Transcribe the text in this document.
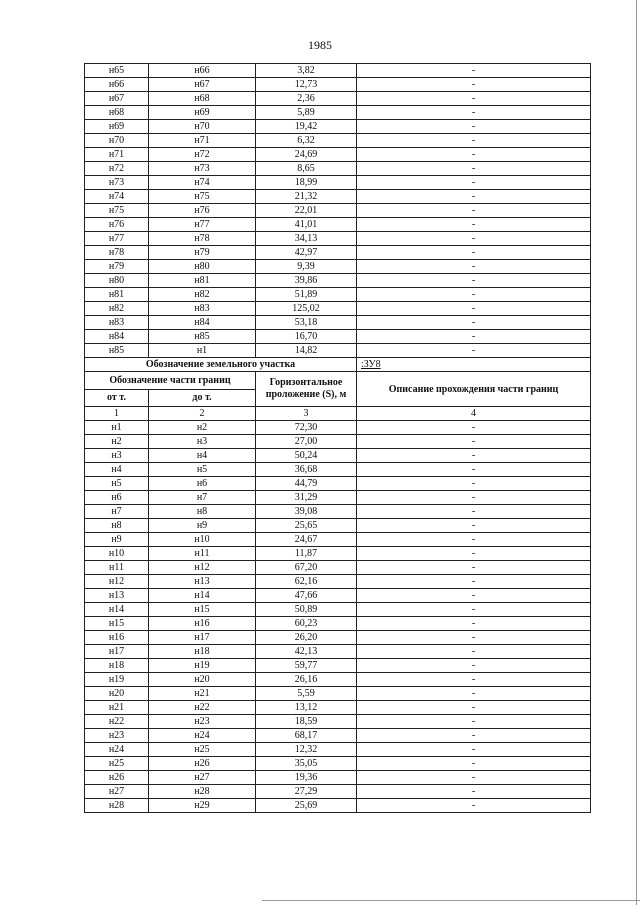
1985
н65	н66	3,82	-
н66	н67	12,73	-
н67	н68	2,36	-
н68	н69	5,89	-
н69	н70	19,42	-
н70	н71	6,32	-
н71	н72	24,69	-
н72	н73	8,65	-
н73	н74	18,99	-
н74	н75	21,32	-
н75	н76	22,01	-
н76	н77	41,01	-
н77	н78	34,13	-
н78	н79	42,97	-
н79	н80	9,39	-
н80	н81	39,86	-
н81	н82	51,89	-
н82	н83	125,02	-
н83	н84	53,18	-
н84	н85	16,70	-
н85	н1	14,82	-
Обозначение земельного участка			:ЗУ8
Обозначение части границ		Горизонтальное проложение (S), м	Описание прохождения части границ
от т.	до т.		
1	2	3	4
н1	н2	72,30	-
н2	н3	27,00	-
н3	н4	50,24	-
н4	н5	36,68	-
н5	н6	44,79	-
н6	н7	31,29	-
н7	н8	39,08	-
н8	н9	25,65	-
н9	н10	24,67	-
н10	н11	11,87	-
н11	н12	67,20	-
н12	н13	62,16	-
н13	н14	47,66	-
н14	н15	50,89	-
н15	н16	60,23	-
н16	н17	26,20	-
н17	н18	42,13	-
н18	н19	59,77	-
н19	н20	26,16	-
н20	н21	5,59	-
н21	н22	13,12	-
н22	н23	18,59	-
н23	н24	68,17	-
н24	н25	12,32	-
н25	н26	35,05	-
н26	н27	19,36	-
н27	н28	27,29	-
н28	н29	25,69	-
